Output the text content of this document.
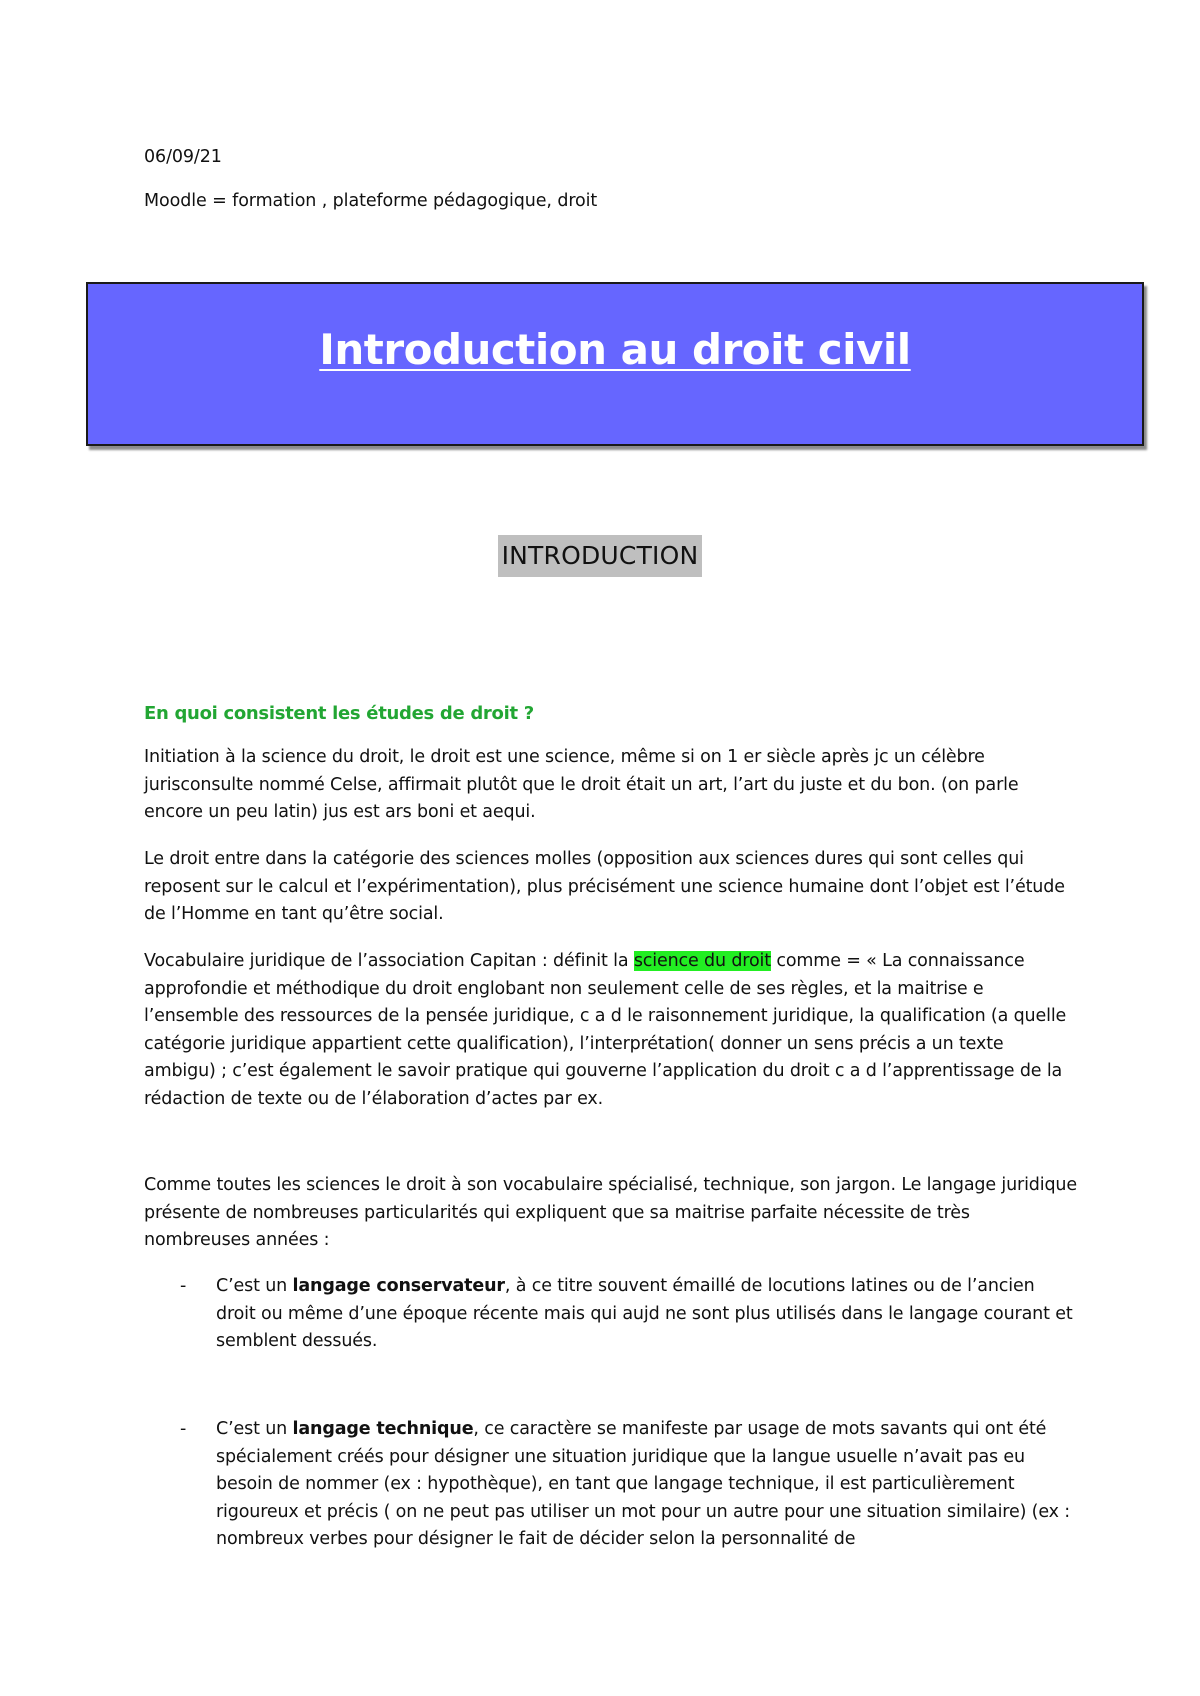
06/09/21

Moodle = formation , plateforme pédagogique, droit

Introduction au droit civil
INTRODUCTION
En quoi consistent les études de droit ?

Initiation à la science du droit, le droit est une science, même si on 1 er siècle après jc un célèbre jurisconsulte nommé Celse, affirmait plutôt que le droit était un art, l’art du juste et du bon. (on parle encore un peu latin) jus est ars boni et aequi.

Le droit entre dans la catégorie des sciences molles (opposition aux sciences dures qui sont celles qui reposent sur le calcul et l’expérimentation), plus précisément une science humaine dont l’objet est l’étude de l’Homme en tant qu’être social.

Vocabulaire juridique de l’association Capitan : définit la science du droit comme = « La connaissance approfondie et méthodique du droit englobant non seulement celle de ses règles, et la maitrise e l’ensemble des ressources de la pensée juridique, c a d le raisonnement juridique, la qualification (a quelle catégorie juridique appartient cette qualification), l’interprétation( donner un sens précis a un texte ambigu) ; c’est également le savoir pratique qui gouverne l’application du droit c a d l’apprentissage de la rédaction de texte ou de l’élaboration d’actes par ex.

Comme toutes les sciences le droit à son vocabulaire spécialisé, technique, son jargon. Le langage juridique présente de nombreuses particularités qui expliquent que sa maitrise parfaite nécessite de très nombreuses années :

- C’est un langage conservateur, à ce titre souvent émaillé de locutions latines ou de l’ancien droit ou même d’une époque récente mais qui aujd ne sont plus utilisés dans le langage courant et semblent dessués.

- C’est un langage technique, ce caractère se manifeste par usage de mots savants qui ont été spécialement créés pour désigner une situation juridique que la langue usuelle n’avait pas eu besoin de nommer (ex : hypothèque), en tant que langage technique, il est particulièrement rigoureux et précis ( on ne peut pas utiliser un mot pour un autre pour une situation similaire) (ex : nombreux verbes pour désigner le fait de décider selon la personnalité de
